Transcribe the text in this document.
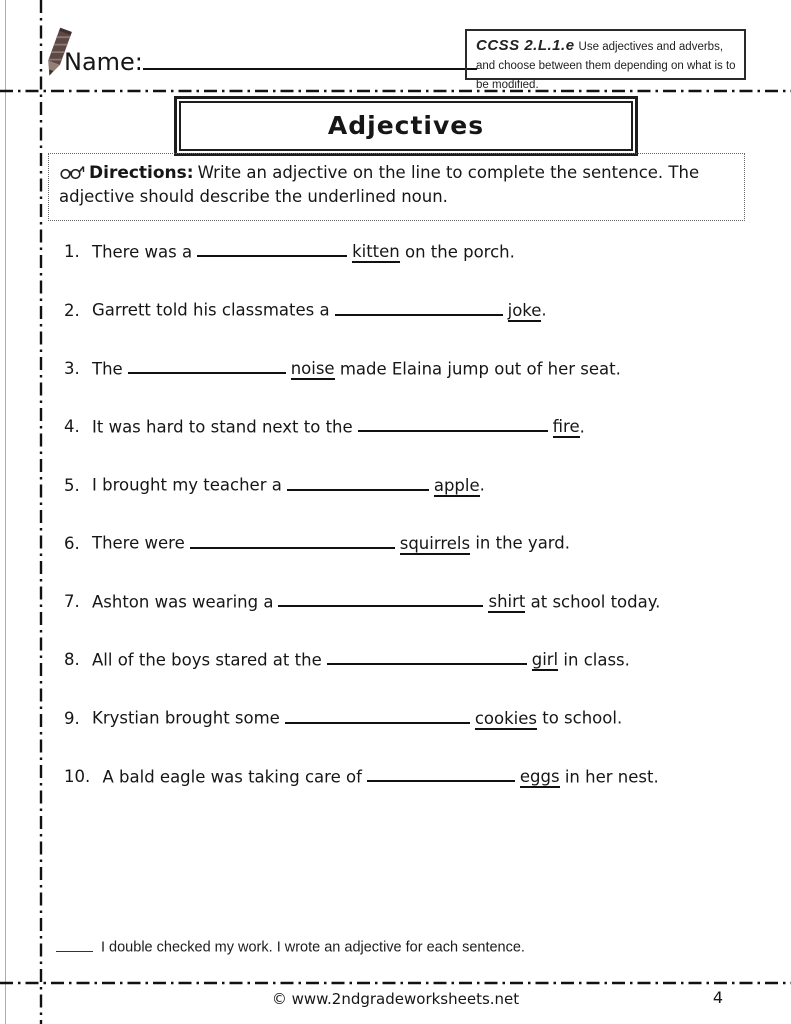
Name:
CCSS 2.L.1.e Use adjectives and adverbs, and choose between them depending on what is to be modified.
Adjectives
Directions: Write an adjective on the line to complete the sentence. The adjective should describe the underlined noun.
1. There was a	kitten on the porch.
2. Garrett told his classmates a	joke.
3. The	noise made Elaina jump out of her seat.
4. It was hard to stand next to the	fire.
5. I brought my teacher a	apple.
6. There were	squirrels in the yard.
7. Ashton was wearing a	shirt at school today.
8. All of the boys stared at the	girl in class.
9. Krystian brought some	cookies to school.
10. A bald eagle was taking care of	eggs in her nest.
I double checked my work. I wrote an adjective for each sentence.
© www.2ndgradeworksheets.net	4
